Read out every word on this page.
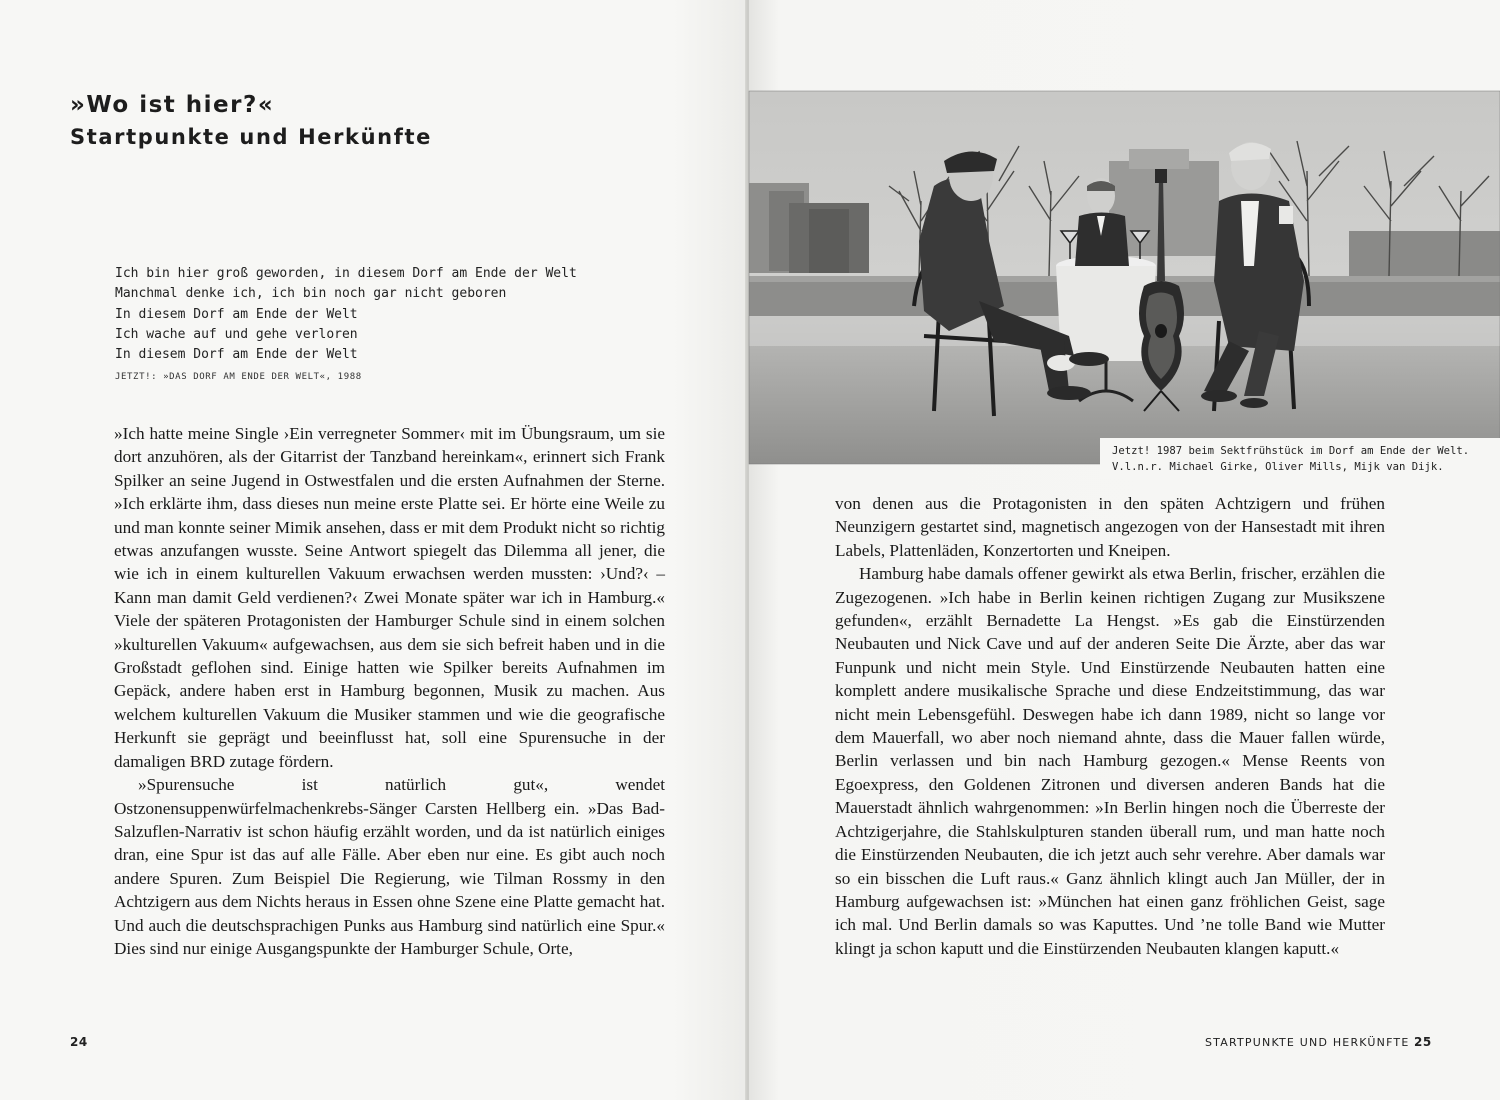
»Wo ist hier?«
Startpunkte und Herkünfte
Ich bin hier groß geworden, in diesem Dorf am Ende der Welt
Manchmal denke ich, ich bin noch gar nicht geboren
In diesem Dorf am Ende der Welt
Ich wache auf und gehe verloren
In diesem Dorf am Ende der Welt
JETZT!: »DAS DORF AM ENDE DER WELT«, 1988

»Ich hatte meine Single ›Ein verregneter Sommer‹ mit im Übungsraum, um sie dort anzuhören, als der Gitarrist der Tanzband hereinkam«, erinnert sich Frank Spilker an seine Jugend in Ostwestfalen und die ersten Aufnahmen der Sterne. »Ich erklärte ihm, dass dieses nun meine erste Platte sei. Er hörte eine Weile zu und man konnte seiner Mimik ansehen, dass er mit dem Produkt nicht so richtig etwas anzufangen wusste. Seine Antwort spiegelt das Dilemma all jener, die wie ich in einem kulturellen Vakuum erwachsen werden mussten: ›Und?‹ – Kann man damit Geld verdienen?‹ Zwei Monate später war ich in Hamburg.« Viele der späteren Protagonisten der Hamburger Schule sind in einem solchen »kulturellen Vakuum« aufgewachsen, aus dem sie sich befreit haben und in die Großstadt geflohen sind. Einige hatten wie Spilker bereits Aufnahmen im Gepäck, andere haben erst in Hamburg begonnen, Musik zu machen. Aus welchem kulturellen Vakuum die Musiker stammen und wie die geografische Herkunft sie geprägt und beeinflusst hat, soll eine Spurensuche in der damaligen BRD zutage fördern.

»Spurensuche ist natürlich gut«, wendet Ostzonensuppenwürfelmachenkrebs-Sänger Carsten Hellberg ein. »Das Bad-Salzuflen-Narrativ ist schon häufig erzählt worden, und da ist natürlich einiges dran, eine Spur ist das auf alle Fälle. Aber eben nur eine. Es gibt auch noch andere Spuren. Zum Beispiel Die Regierung, wie Tilman Rossmy in den Achtzigern aus dem Nichts heraus in Essen ohne Szene eine Platte gemacht hat. Und auch die deutschsprachigen Punks aus Hamburg sind natürlich eine Spur.« Dies sind nur einige Ausgangspunkte der Hamburger Schule, Orte,

24

von denen aus die Protagonisten in den späten Achtzigern und frühen Neunzigern gestartet sind, magnetisch angezogen von der Hansestadt mit ihren Labels, Plattenläden, Konzertorten und Kneipen.

Hamburg habe damals offener gewirkt als etwa Berlin, frischer, erzählen die Zugezogenen. »Ich habe in Berlin keinen richtigen Zugang zur Musikszene gefunden«, erzählt Bernadette La Hengst. »Es gab die Einstürzenden Neubauten und Nick Cave und auf der anderen Seite Die Ärzte, aber das war Funpunk und nicht mein Style. Und Einstürzende Neubauten hatten eine komplett andere musikalische Sprache und diese Endzeitstimmung, das war nicht mein Lebensgefühl. Deswegen habe ich dann 1989, nicht so lange vor dem Mauerfall, wo aber noch niemand ahnte, dass die Mauer fallen würde, Berlin verlassen und bin nach Hamburg gezogen.« Mense Reents von Egoexpress, den Goldenen Zitronen und diversen anderen Bands hat die Mauerstadt ähnlich wahrgenommen: »In Berlin hingen noch die Überreste der Achtzigerjahre, die Stahlskulpturen standen überall rum, und man hatte noch die Einstürzenden Neubauten, die ich jetzt auch sehr verehre. Aber damals war so ein bisschen die Luft raus.« Ganz ähnlich klingt auch Jan Müller, der in Hamburg aufgewachsen ist: »München hat einen ganz fröhlichen Geist, sage ich mal. Und Berlin damals so was Kaputtes. Und ’ne tolle Band wie Mutter klingt ja schon kaputt und die Einstürzenden Neubauten klangen kaputt.«

STARTPUNKTE UND HERKÜNFTE 25
Jetzt! 1987 beim Sektfrühstück im Dorf am Ende der Welt.
V.l.n.r. Michael Girke, Oliver Mills, Mijk van Dijk.
